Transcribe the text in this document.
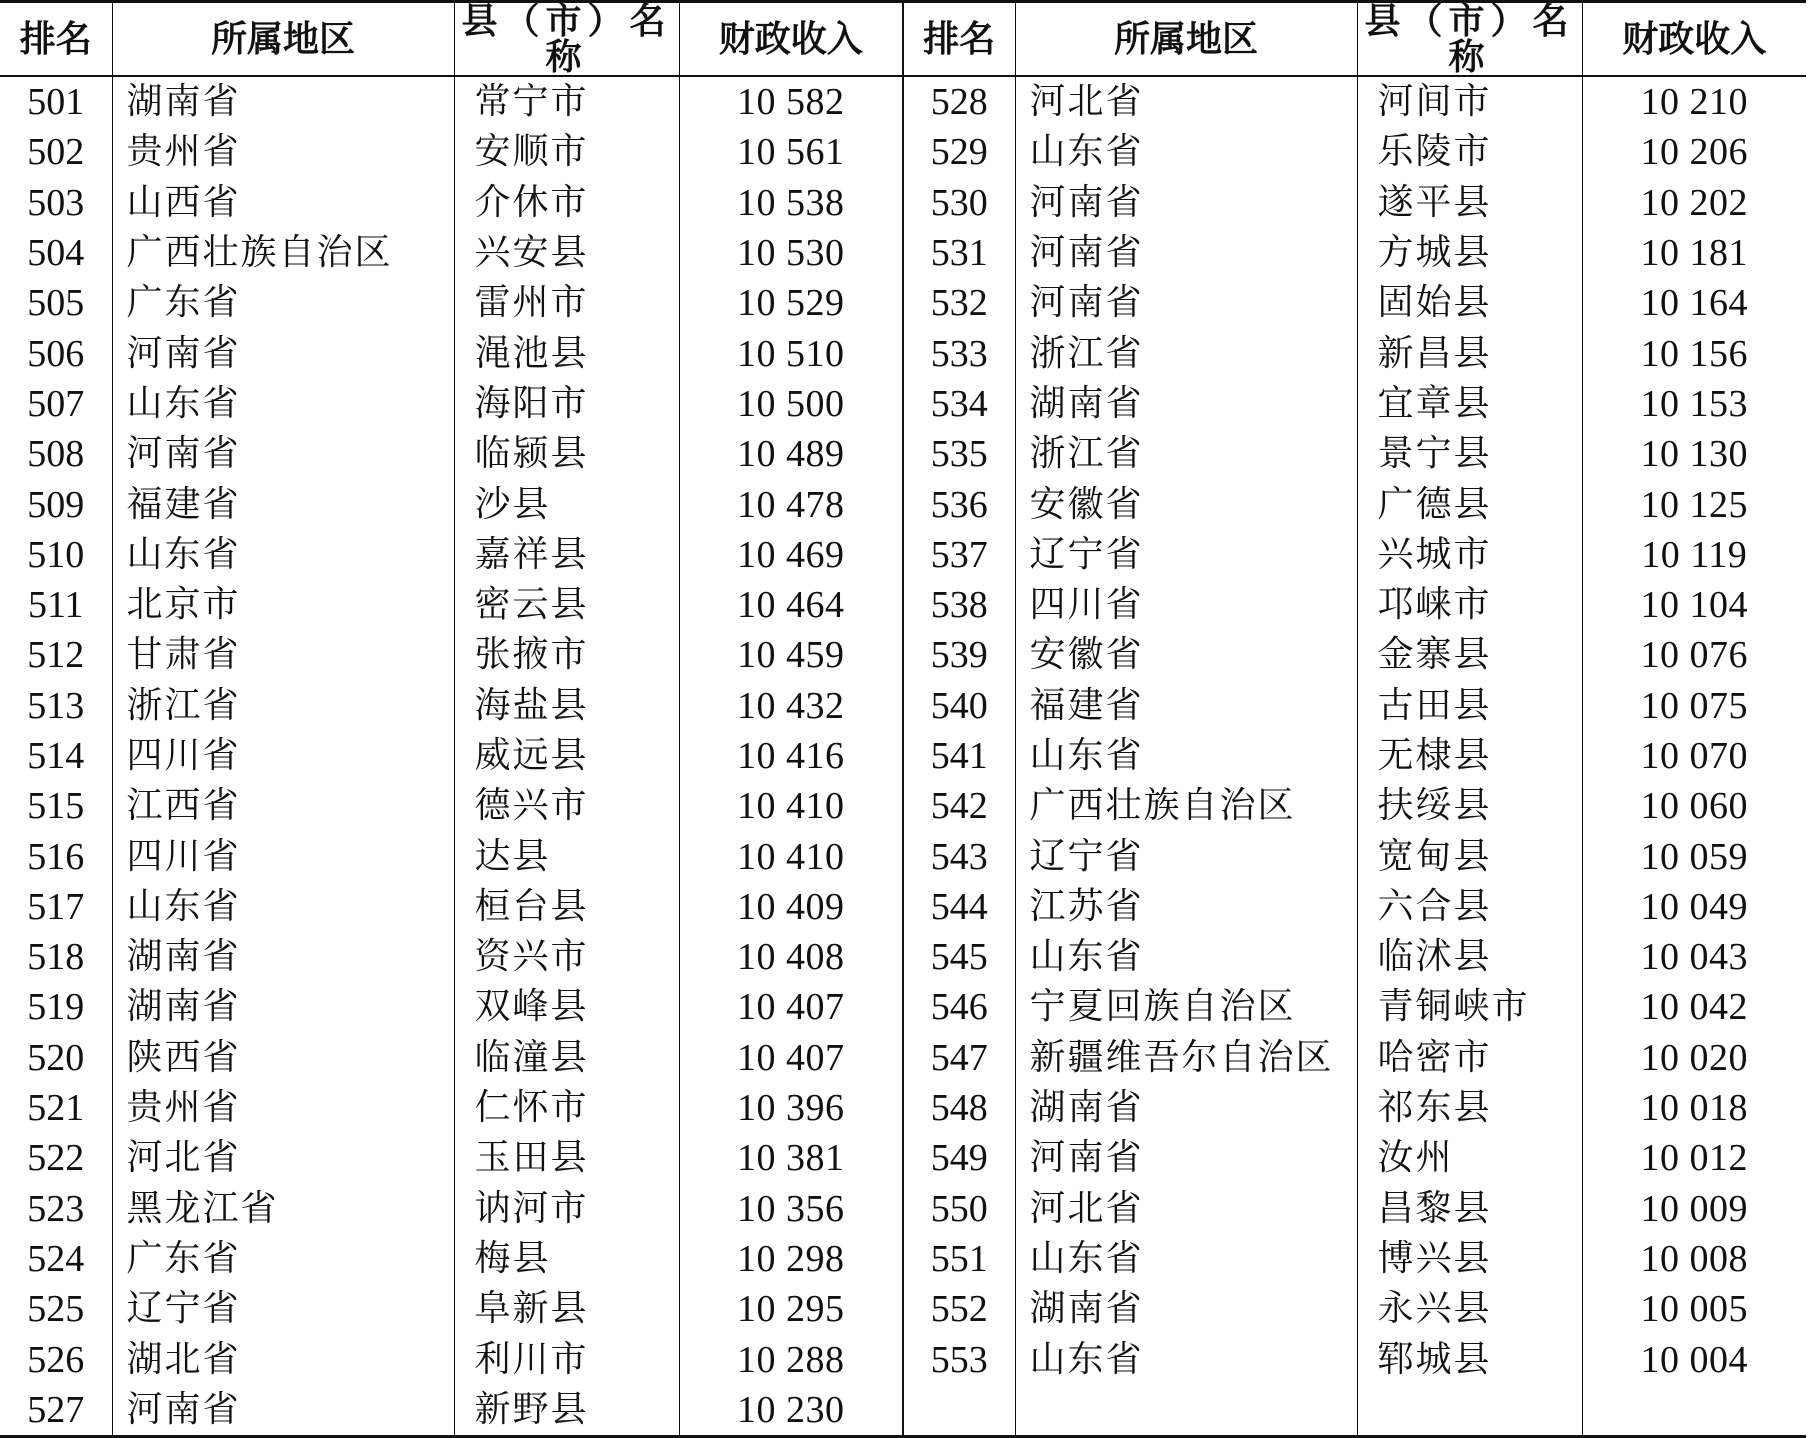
排名	所属地区	县（市）名称	财政收入	排名	所属地区	县（市）名称	财政收入
501	湖南省	常宁市	10 582	528	河北省	河间市	10 210
502	贵州省	安顺市	10 561	529	山东省	乐陵市	10 206
503	山西省	介休市	10 538	530	河南省	遂平县	10 202
504	广西壮族自治区	兴安县	10 530	531	河南省	方城县	10 181
505	广东省	雷州市	10 529	532	河南省	固始县	10 164
506	河南省	渑池县	10 510	533	浙江省	新昌县	10 156
507	山东省	海阳市	10 500	534	湖南省	宜章县	10 153
508	河南省	临颍县	10 489	535	浙江省	景宁县	10 130
509	福建省	沙县	10 478	536	安徽省	广德县	10 125
510	山东省	嘉祥县	10 469	537	辽宁省	兴城市	10 119
511	北京市	密云县	10 464	538	四川省	邛崃市	10 104
512	甘肃省	张掖市	10 459	539	安徽省	金寨县	10 076
513	浙江省	海盐县	10 432	540	福建省	古田县	10 075
514	四川省	威远县	10 416	541	山东省	无棣县	10 070
515	江西省	德兴市	10 410	542	广西壮族自治区	扶绥县	10 060
516	四川省	达县	10 410	543	辽宁省	宽甸县	10 059
517	山东省	桓台县	10 409	544	江苏省	六合县	10 049
518	湖南省	资兴市	10 408	545	山东省	临沭县	10 043
519	湖南省	双峰县	10 407	546	宁夏回族自治区	青铜峡市	10 042
520	陕西省	临潼县	10 407	547	新疆维吾尔自治区	哈密市	10 020
521	贵州省	仁怀市	10 396	548	湖南省	祁东县	10 018
522	河北省	玉田县	10 381	549	河南省	汝州	10 012
523	黑龙江省	讷河市	10 356	550	河北省	昌黎县	10 009
524	广东省	梅县	10 298	551	山东省	博兴县	10 008
525	辽宁省	阜新县	10 295	552	湖南省	永兴县	10 005
526	湖北省	利川市	10 288	553	山东省	郓城县	10 004
527	河南省	新野县	10 230				
